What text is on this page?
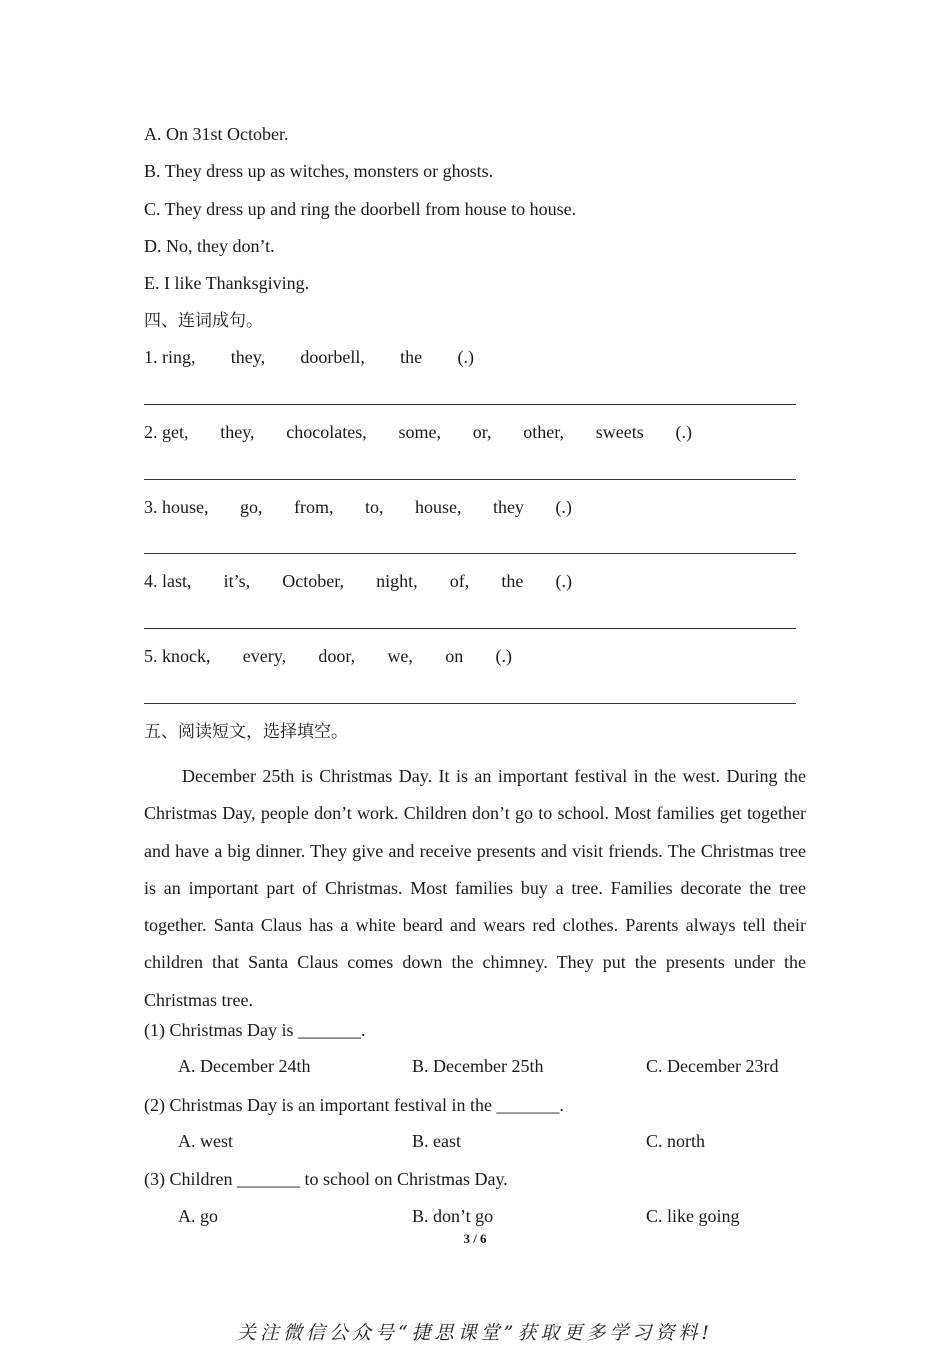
A. On 31st October.
B. They dress up as witches, monsters or ghosts.
C. They dress up and ring the doorbell from house to house.
D. No, they don’t.
E. I like Thanksgiving.
四、连词成句。
1. ring, they, doorbell, the (.)
2. get, they, chocolates, some, or, other, sweets (.)
3. house, go, from, to, house, they (.)
4. last, it’s, October, night, of, the (.)
5. knock, every, door, we, on (.)
五、阅读短文，选择填空。
December 25th is Christmas Day. It is an important festival in the west. During the Christmas Day, people don’t work. Children don’t go to school. Most families get together and have a big dinner. They give and receive presents and visit friends. The Christmas tree is an important part of Christmas. Most families buy a tree. Families decorate the tree together. Santa Claus has a white beard and wears red clothes. Parents always tell their children that Santa Claus comes down the chimney. They put the presents under the Christmas tree.
(1) Christmas Day is _______.
A. December 24th	B. December 25th	C. December 23rd
(2) Christmas Day is an important festival in the _______.
A. west	B. east	C. north
(3) Children _______ to school on Christmas Day.
A. go	B. don’t go	C. like going
3 / 6
关注微信公众号“捷思课堂”获取更多学习资料!
